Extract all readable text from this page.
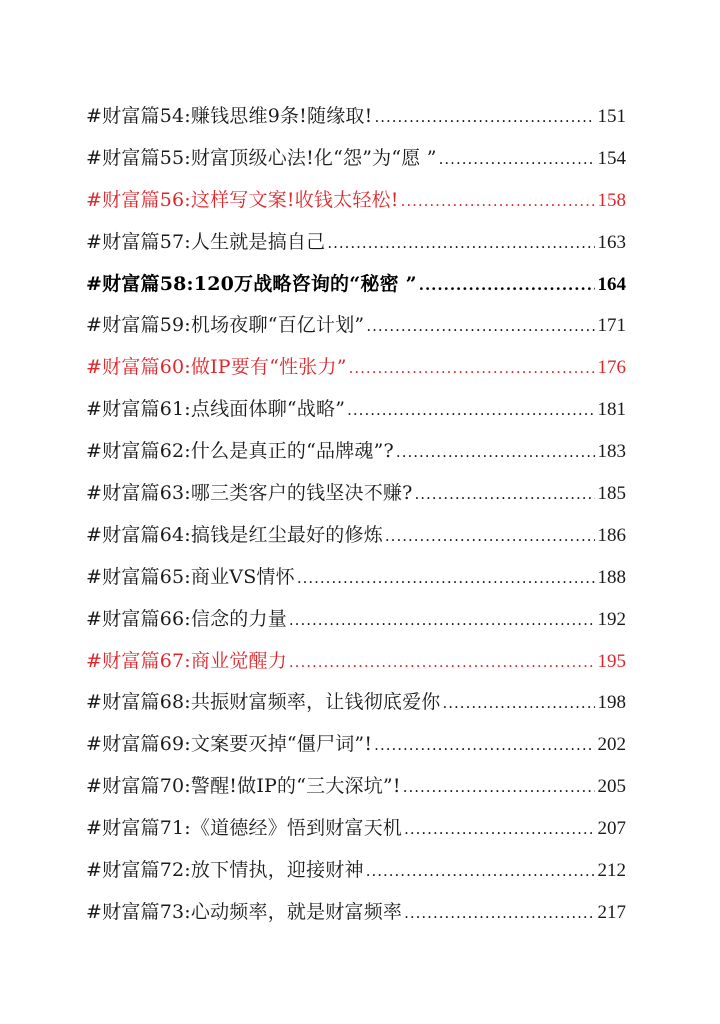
#财富篇54:赚钱思维9条!随缘取! .....	151
#财富篇55:财富顶级心法!化“怨”为“愿 ” .....	154
#财富篇56:这样写文案!收钱太轻松! .....	158
#财富篇57:人生就是搞自己 .....	163
#财富篇58:120万战略咨询的“秘密 ” .....	164
#财富篇59:机场夜聊“百亿计划” .....	171
#财富篇60:做IP要有“性张力” .....	176
#财富篇61:点线面体聊“战略” .....	181
#财富篇62:什么是真正的“品牌魂”? .....	183
#财富篇63:哪三类客户的钱坚决不赚? .....	185
#财富篇64:搞钱是红尘最好的修炼 .....	186
#财富篇65:商业VS情怀 .....	188
#财富篇66:信念的力量 .....	192
#财富篇67:商业觉醒力 .....	195
#财富篇68:共振财富频率，让钱彻底爱你 .....	198
#财富篇69:文案要灭掉“僵尸词”! .....	202
#财富篇70:警醒!做IP的“三大深坑”! .....	205
#财富篇71:《道德经》悟到财富天机 .....	207
#财富篇72:放下情执，迎接财神 .....	212
#财富篇73:心动频率，就是财富频率 .....	217
